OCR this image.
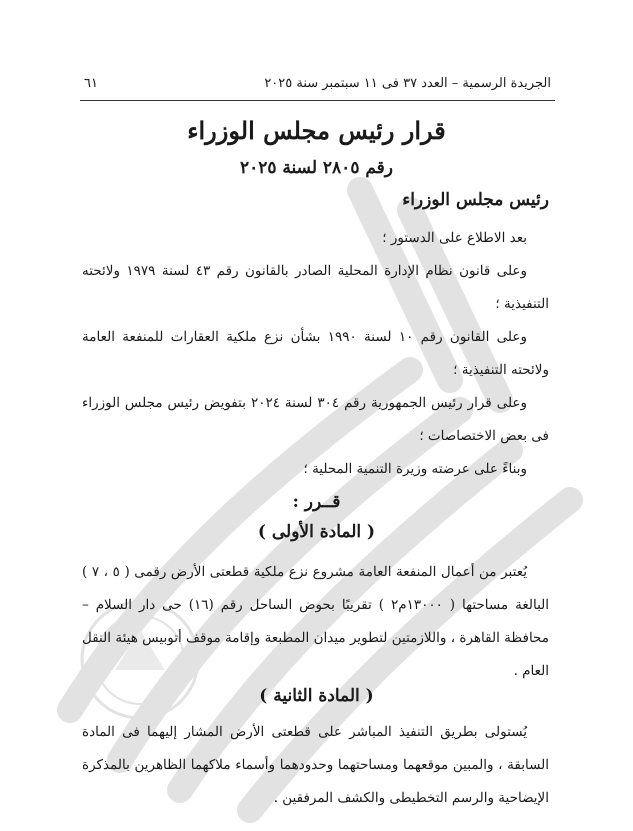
الجريدة الرسمية – العدد ٣٧ فى ١١ سبتمبر سنة ٢٠٢٥
٦١
قرار رئيس مجلس الوزراء
رقم ٢٨٠٥ لسنة ٢٠٢٥
رئيس مجلس الوزراء
بعد الاطلاع على الدستور ؛
وعلى قانون نظام الإدارة المحلية الصادر بالقانون رقم ٤٣ لسنة ١٩٧٩ ولائحته التنفيذية ؛
وعلى القانون رقم ١٠ لسنة ١٩٩٠ بشأن نزع ملكية العقارات للمنفعة العامة ولائحته التنفيذية ؛
وعلى قرار رئيس الجمهورية رقم ٣٠٤ لسنة ٢٠٢٤ بتفويض رئيس مجلس الوزراء فى بعض الاختصاصات ؛
وبناءً على عرضته وزيرة التنمية المحلية ؛
قــرر :
( المادة الأولى )
يُعتبر من أعمال المنفعة العامة مشروع نزع ملكية قطعتى الأرض رقمى ( ٥ ، ٧ ) البالغة مساحتها ( ١٣٠٠٠م٢ ) تقريبًا بحوض الساحل رقم (١٦) حى دار السلام – محافظة القاهرة ، واللازمتين لتطوير ميدان المطبعة وإقامة موقف أتوبيس هيئة النقل العام .
( المادة الثانية )
يُستولى بطريق التنفيذ المباشر على قطعتى الأرض المشار إليهما فى المادة السابقة ، والمبين موقعهما ومساحتهما وحدودهما وأسماء ملاكهما الظاهرين بالمذكرة الإيضاحية والرسم التخطيطى والكشف المرفقين .
